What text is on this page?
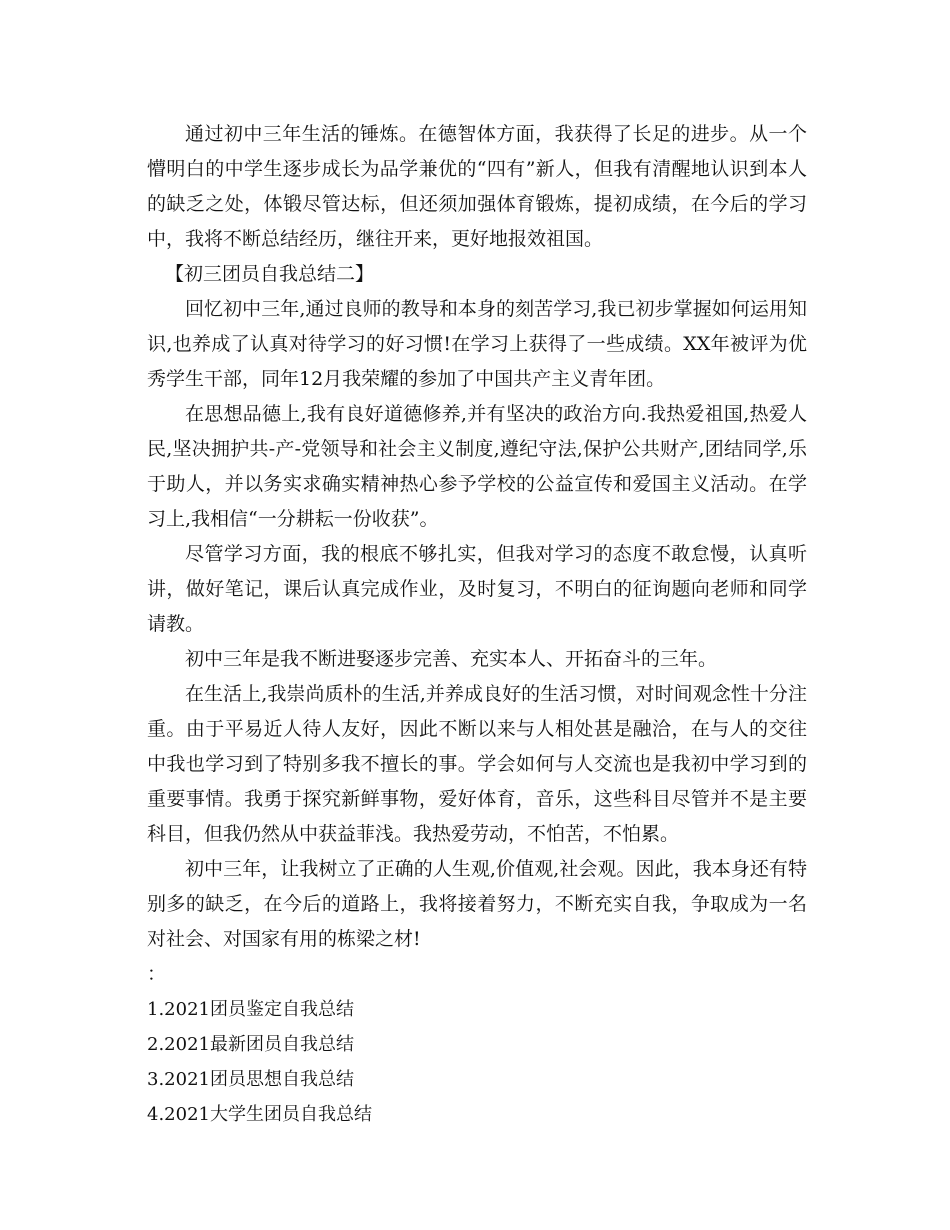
通过初中三年生活的锤炼。在德智体方面，我获得了长足的进步。从一个懵明白的中学生逐步成长为品学兼优的“四有”新人，但我有清醒地认识到本人的缺乏之处，体锻尽管达标，但还须加强体育锻炼，提初成绩，在今后的学习中，我将不断总结经历，继往开来，更好地报效祖国。

【初三团员自我总结二】

回忆初中三年,通过良师的教导和本身的刻苦学习,我已初步掌握如何运用知识,也养成了认真对待学习的好习惯!在学习上获得了一些成绩。XX年被评为优秀学生干部，同年12月我荣耀的参加了中国共产主义青年团。

在思想品德上,我有良好道德修养,并有坚决的政治方向.我热爱祖国,热爱人民,坚决拥护共-产-党领导和社会主义制度,遵纪守法,保护公共财产,团结同学,乐于助人，并以务实求确实精神热心参予学校的公益宣传和爱国主义活动。在学习上,我相信“一分耕耘一份收获”。

尽管学习方面，我的根底不够扎实，但我对学习的态度不敢怠慢，认真听讲，做好笔记，课后认真完成作业，及时复习，不明白的征询题向老师和同学请教。

初中三年是我不断进娶逐步完善、充实本人、开拓奋斗的三年。

在生活上,我崇尚质朴的生活,并养成良好的生活习惯，对时间观念性十分注重。由于平易近人待人友好，因此不断以来与人相处甚是融洽，在与人的交往中我也学习到了特别多我不擅长的事。学会如何与人交流也是我初中学习到的重要事情。我勇于探究新鲜事物，爱好体育，音乐，这些科目尽管并不是主要科目，但我仍然从中获益菲浅。我热爱劳动，不怕苦，不怕累。

初中三年，让我树立了正确的人生观,价值观,社会观。因此，我本身还有特别多的缺乏，在今后的道路上，我将接着努力，不断充实自我，争取成为一名对社会、对国家有用的栋梁之材!

：

1.2021团员鉴定自我总结
2.2021最新团员自我总结
3.2021团员思想自我总结
4.2021大学生团员自我总结
